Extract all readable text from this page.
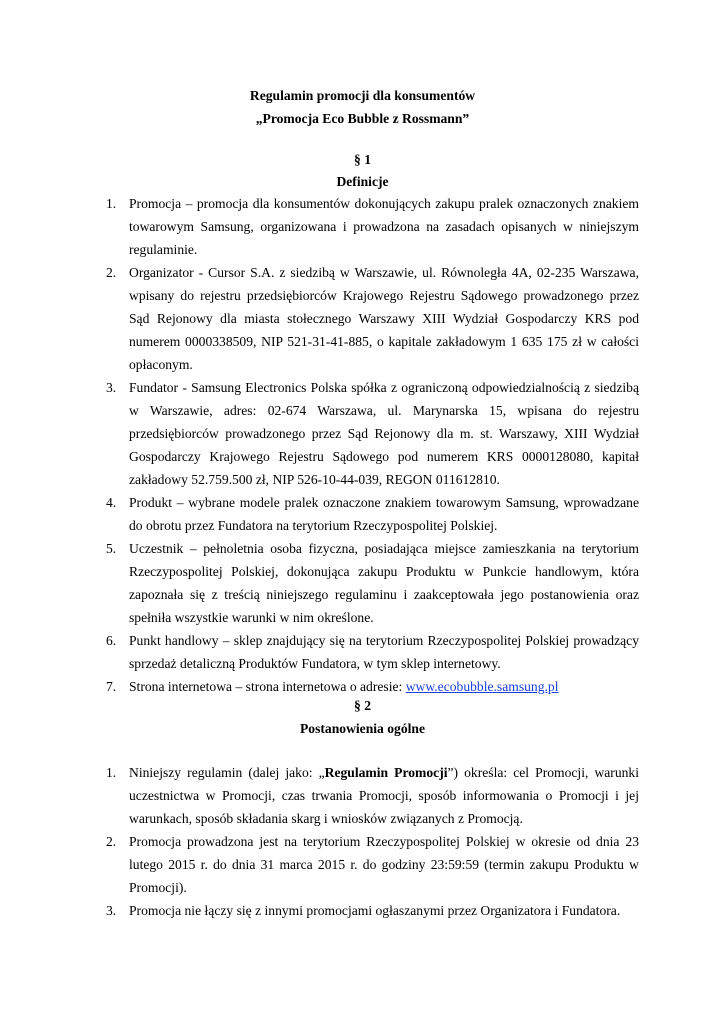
Regulamin promocji dla konsumentów
„Promocja Eco Bubble z Rossmann”
§ 1
Definicje
1. Promocja – promocja dla konsumentów dokonujących zakupu pralek oznaczonych znakiem towarowym Samsung, organizowana i prowadzona na zasadach opisanych w niniejszym regulaminie.
2. Organizator - Cursor S.A. z siedzibą w Warszawie, ul. Równoległa 4A, 02-235 Warszawa, wpisany do rejestru przedsiębiorców Krajowego Rejestru Sądowego prowadzonego przez Sąd Rejonowy dla miasta stołecznego Warszawy XIII Wydział Gospodarczy KRS pod numerem 0000338509, NIP 521-31-41-885, o kapitale zakładowym 1 635 175 zł w całości opłaconym.
3. Fundator - Samsung Electronics Polska spółka z ograniczoną odpowiedzialnością z siedzibą w Warszawie, adres: 02-674 Warszawa, ul. Marynarska 15, wpisana do rejestru przedsiębiorców prowadzonego przez Sąd Rejonowy dla m. st. Warszawy, XIII Wydział Gospodarczy Krajowego Rejestru Sądowego pod numerem KRS 0000128080, kapitał zakładowy 52.759.500 zł, NIP 526-10-44-039, REGON 011612810.
4. Produkt – wybrane modele pralek oznaczone znakiem towarowym Samsung, wprowadzane do obrotu przez Fundatora na terytorium Rzeczypospolitej Polskiej.
5. Uczestnik – pełnoletnia osoba fizyczna, posiadająca miejsce zamieszkania na terytorium Rzeczypospolitej Polskiej, dokonująca zakupu Produktu w Punkcie handlowym, która zapoznała się z treścią niniejszego regulaminu i zaakceptowała jego postanowienia oraz spełniła wszystkie warunki w nim określone.
6. Punkt handlowy – sklep znajdujący się na terytorium Rzeczypospolitej Polskiej prowadzący sprzedaż detaliczną Produktów Fundatora, w tym sklep internetowy.
7. Strona internetowa – strona internetowa o adresie: www.ecobubble.samsung.pl
§ 2
Postanowienia ogólne
1. Niniejszy regulamin (dalej jako: „Regulamin Promocji”) określa: cel Promocji, warunki uczestnictwa w Promocji, czas trwania Promocji, sposób informowania o Promocji i jej warunkach, sposób składania skarg i wniosków związanych z Promocją.
2. Promocja prowadzona jest na terytorium Rzeczypospolitej Polskiej w okresie od dnia 23 lutego 2015 r. do dnia 31 marca 2015 r. do godziny 23:59:59 (termin zakupu Produktu w Promocji).
3. Promocja nie łączy się z innymi promocjami ogłaszanymi przez Organizatora i Fundatora.
